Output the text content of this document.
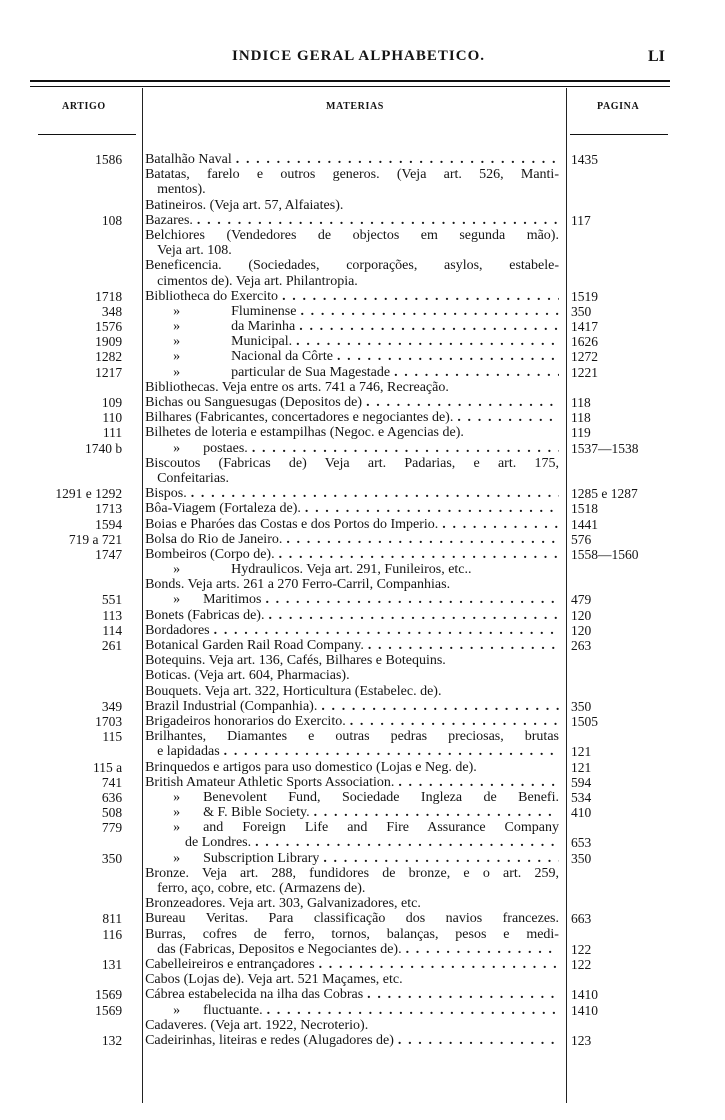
INDICE GERAL ALPHABETICO.	LI
ARTIGO	MATERIAS	PAGINA
1586 Batalhão Naval . . .	1435
Batatas, farelo e outros generos. (Veja art. 526, Manti-
mentos).
Batineiros. (Veja art. 57, Alfaiates).
108 Bazares. . . .	117
Belchiores (Vendedores de objectos em segunda mão).
Veja art. 108.
Beneficencia. (Sociedades, corporações, asylos, estabele-
cimentos de). Veja art. Philantropia.
1718 Bibliotheca do Exercito . . .	1519
348	»	Fluminense . . .	350
1576	»	da Marinha . . .	1417
1909	»	Municipal. . . .	1626
1282	»	Nacional da Côrte . . .	1272
1217	»	particular de Sua Magestade . . .	1221
Bibliothecas. Veja entre os arts. 741 a 746, Recreação.
109 Bichas ou Sanguesugas (Depositos de) . . .	118
110 Bilhares (Fabricantes, concertadores e negociantes de). . . .	118
111 Bilhetes de loteria e estampilhas (Negoc. e Agencias de).	119
1740 b	»	postaes. . . .	1537—1538
Biscoutos (Fabricas de) Veja art. Padarias, e art. 175,
Confeitarias.
1291 e 1292 Bispos. . . .	1285 e 1287
1713 Bôa-Viagem (Fortaleza de). . . .	1518
1594 Boias e Pharóes das Costas e dos Portos do Imperio. . . .	1441
719 a 721 Bolsa do Rio de Janeiro. . . .	576
1747 Bombeiros (Corpo de). . . .	1558—1560
»	Hydraulicos. Veja art. 291, Funileiros, etc..
Bonds. Veja arts. 261 a 270 Ferro-Carril, Companhias.
551	»	Maritimos . . .	479
113 Bonets (Fabricas de). . . .	120
114 Bordadores . . .	120
261 Botanical Garden Rail Road Company. . . .	263
Botequins. Veja art. 136, Cafés, Bilhares e Botequins.
Boticas. (Veja art. 604, Pharmacias).
Bouquets. Veja art. 322, Horticultura (Estabelec. de).
349 Brazil Industrial (Companhia). . . .	350
1703 Brigadeiros honorarios do Exercito. . . .	1505
115 Brilhantes, Diamantes e outras pedras preciosas, brutas
e lapidadas . . .	121
115 a Brinquedos e artigos para uso domestico (Lojas e Neg. de).	121
741 British Amateur Athletic Sports Association. . . .	594
636	»	Benevolent Fund, Sociedade Ingleza de Benefi. 534
508	»	& F. Bible Society. . . .	410
779	»	and Foreign Life and Fire Assurance Company
de Londres. . . .	653
350	»	Subscription Library . . .	350
Bronze. Veja art. 288, fundidores de bronze, e o art. 259,
ferro, aço, cobre, etc. (Armazens de).
Bronzeadores. Veja art. 303, Galvanizadores, etc.
811 Bureau Veritas. Para classificação dos navios francezes. 663
116 Burras, cofres de ferro, tornos, balanças, pesos e medi-
das (Fabricas, Depositos e Negociantes de). . . .	122
131 Cabelleireiros e entrançadores . . .	122
Cabos (Lojas de). Veja art. 521 Maçames, etc.
1569 Cábrea estabelecida na ilha das Cobras . . .	1410
1569	»	fluctuante. . . .	1410
Cadaveres. (Veja art. 1922, Necroterio).
132 Cadeirinhas, liteiras e redes (Alugadores de) . . .	123
